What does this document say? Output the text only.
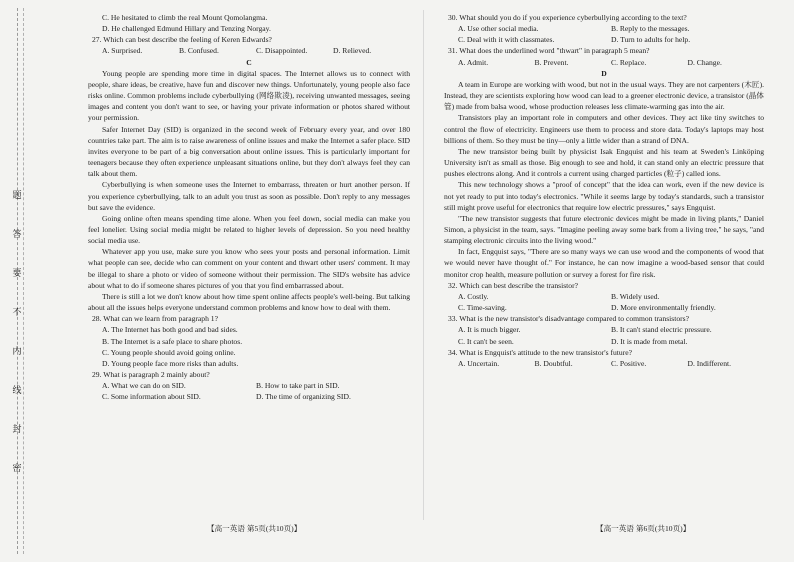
题
答
要
不
内
线
封
密

C. He hesitated to climb the real Mount Qomolangma.

D. He challenged Edmund Hillary and Tenzing Norgay.

27. Which can best describe the feeling of Keren Edwards?

A. Surprised.	B. Confused.	C. Disappointed.	D. Relieved.

C

Young people are spending more time in digital spaces. The Internet allows us to connect with people, share ideas, be creative, have fun and discover new things. Unfortunately, young people also face risks online. Common problems include cyberbullying (网络欺凌), receiving unwanted messages, seeing images and content you don't want to see, or having your private information or photos shared without your permission.

Safer Internet Day (SID) is organized in the second week of February every year, and over 180 countries take part. The aim is to raise awareness of online issues and make the Internet a safer place. SID invites everyone to be part of a big conversation about online issues. This is particularly important for teenagers because they often experience unpleasant situations online, but they don't always feel they can talk about them.

Cyberbullying is when someone uses the Internet to embarrass, threaten or hurt another person. If you experience cyberbullying, talk to an adult you trust as soon as possible. Don't reply to any messages but save the evidence.

Going online often means spending time alone. When you feel down, social media can make you feel lonelier. Using social media might be related to higher levels of depression. So you need healthy social media use.

Whatever app you use, make sure you know who sees your posts and personal information. Limit what people can see, decide who can comment on your content and thwart other users' comment. It may be illegal to share a photo or video of someone without their permission. The SID's website has advice about what to do if someone shares pictures of you that you find embarrassed about.

There is still a lot we don't know about how time spent online affects people's well-being. But talking about all the issues helps everyone understand common problems and know how to deal with them.

28. What can we learn from paragraph 1?

A. The Internet has both good and bad sides.

B. The Internet is a safe place to share photos.

C. Young people should avoid going online.

D. Young people face more risks than adults.

29. What is paragraph 2 mainly about?

A. What we can do on SID.	B. How to take part in SID.
C. Some information about SID.	D. The time of organizing SID.
【高一英语 第5页(共10页)】

30. What should you do if you experience cyberbullying according to the text?

A. Use other social media.	B. Reply to the messages.
C. Deal with it with classmates.	D. Turn to adults for help.

31. What does the underlined word "thwart" in paragraph 5 mean?

A. Admit.	B. Prevent.	C. Replace.	D. Change.

D

A team in Europe are working with wood, but not in the usual ways. They are not carpenters (木匠). Instead, they are scientists exploring how wood can lead to a greener electronic device, a transistor (晶体管) made from balsa wood, whose production releases less climate-warming gas into the air.

Transistors play an important role in computers and other devices. They act like tiny switches to control the flow of electricity. Engineers use them to process and store data. Today's laptops may host billions of them. So they must be tiny—only a little wider than a strand of DNA.

The new transistor being built by physicist Isak Engquist and his team at Sweden's Linköping University isn't as small as those. Big enough to see and hold, it can stand only an electric pressure that pushes electrons along. And it controls a current using charged particles (粒子) called ions.

This new technology shows a "proof of concept" that the idea can work, even if the new device is not yet ready to put into today's electronics. "While it seems large by today's standards, such a transistor still might prove useful for electronics that require low electric pressures," says Engquist.

"The new transistor suggests that future electronic devices might be made in living plants," Daniel Simon, a physicist in the team, says. "Imagine peeling away some bark from a living tree," he says, "and stamping electronic circuits into the living wood."

In fact, Engquist says, "There are so many ways we can use wood and the components of wood that we would never have thought of." For instance, he can now imagine a wood-based sensor that could monitor crop health, measure pollution or survey a forest for fire risk.

32. Which can best describe the transistor?

A. Costly.	B. Widely used.
C. Time-saving.	D. More environmentally friendly.

33. What is the new transistor's disadvantage compared to common transistors?

A. It is much bigger.	B. It can't stand electric pressure.
C. It can't be seen.	D. It is made from metal.

34. What is Engquist's attitude to the new transistor's future?

A. Uncertain.	B. Doubtful.	C. Positive.	D. Indifferent.
【高一英语 第6页(共10页)】
